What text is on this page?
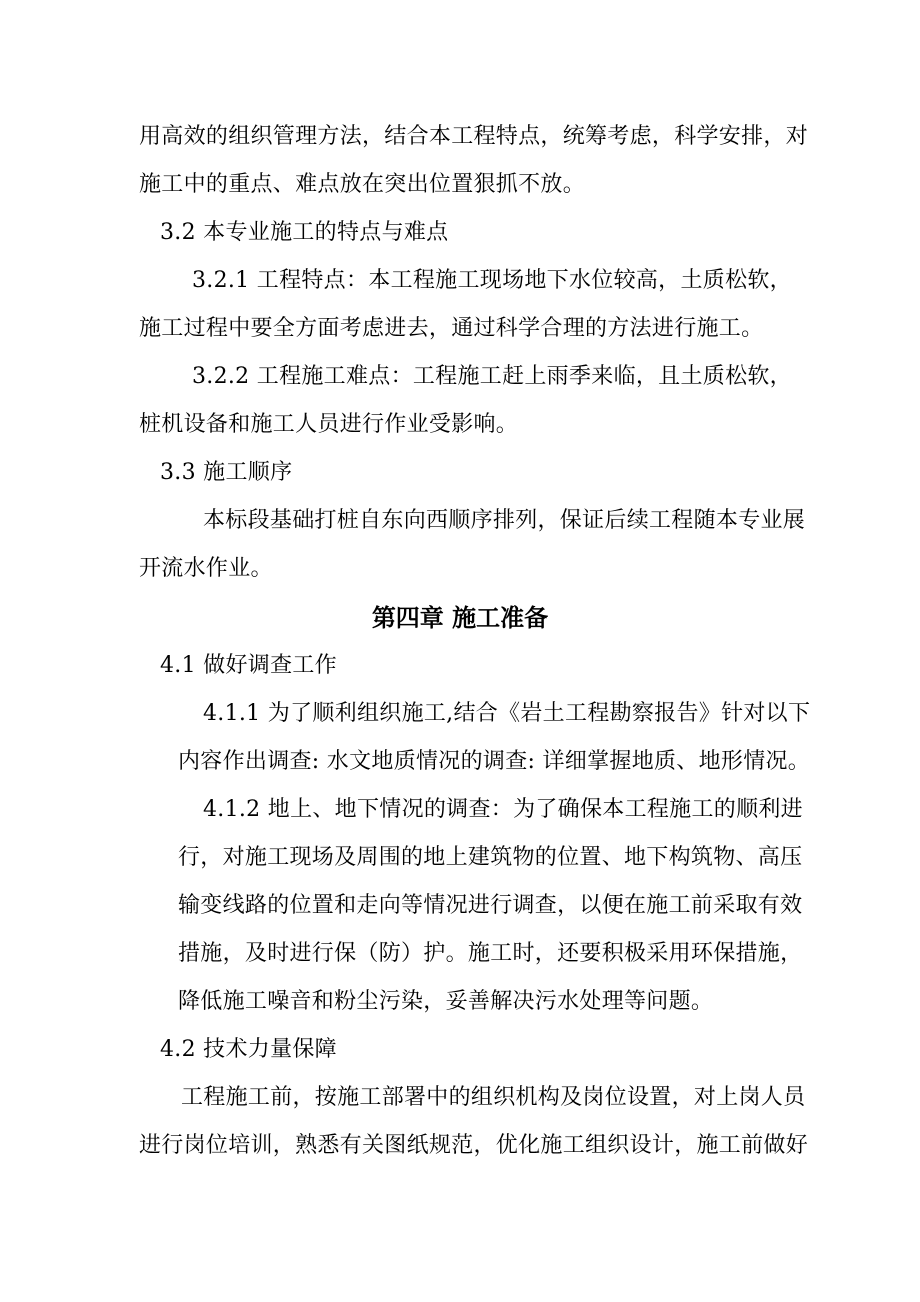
用高效的组织管理方法，结合本工程特点，统筹考虑，科学安排，对
施工中的重点、难点放在突出位置狠抓不放。
3.2 本专业施工的特点与难点
3.2.1 工程特点：本工程施工现场地下水位较高，土质松软，
施工过程中要全方面考虑进去，通过科学合理的方法进行施工。
3.2.2 工程施工难点：工程施工赶上雨季来临，且土质松软，
桩机设备和施工人员进行作业受影响。
3.3 施工顺序
本标段基础打桩自东向西顺序排列，保证后续工程随本专业展
开流水作业。
第四章 施工准备
4.1 做好调查工作
4.1.1 为了顺利组织施工,结合《岩土工程勘察报告》针对以下
内容作出调查: 水文地质情况的调查: 详细掌握地质、地形情况。
4.1.2 地上、地下情况的调查：为了确保本工程施工的顺利进
行，对施工现场及周围的地上建筑物的位置、地下构筑物、高压
输变线路的位置和走向等情况进行调查，以便在施工前采取有效
措施，及时进行保（防）护。施工时，还要积极采用环保措施，
降低施工噪音和粉尘污染，妥善解决污水处理等问题。
4.2 技术力量保障
工程施工前，按施工部署中的组织机构及岗位设置，对上岗人员
进行岗位培训，熟悉有关图纸规范，优化施工组织设计，施工前做好
